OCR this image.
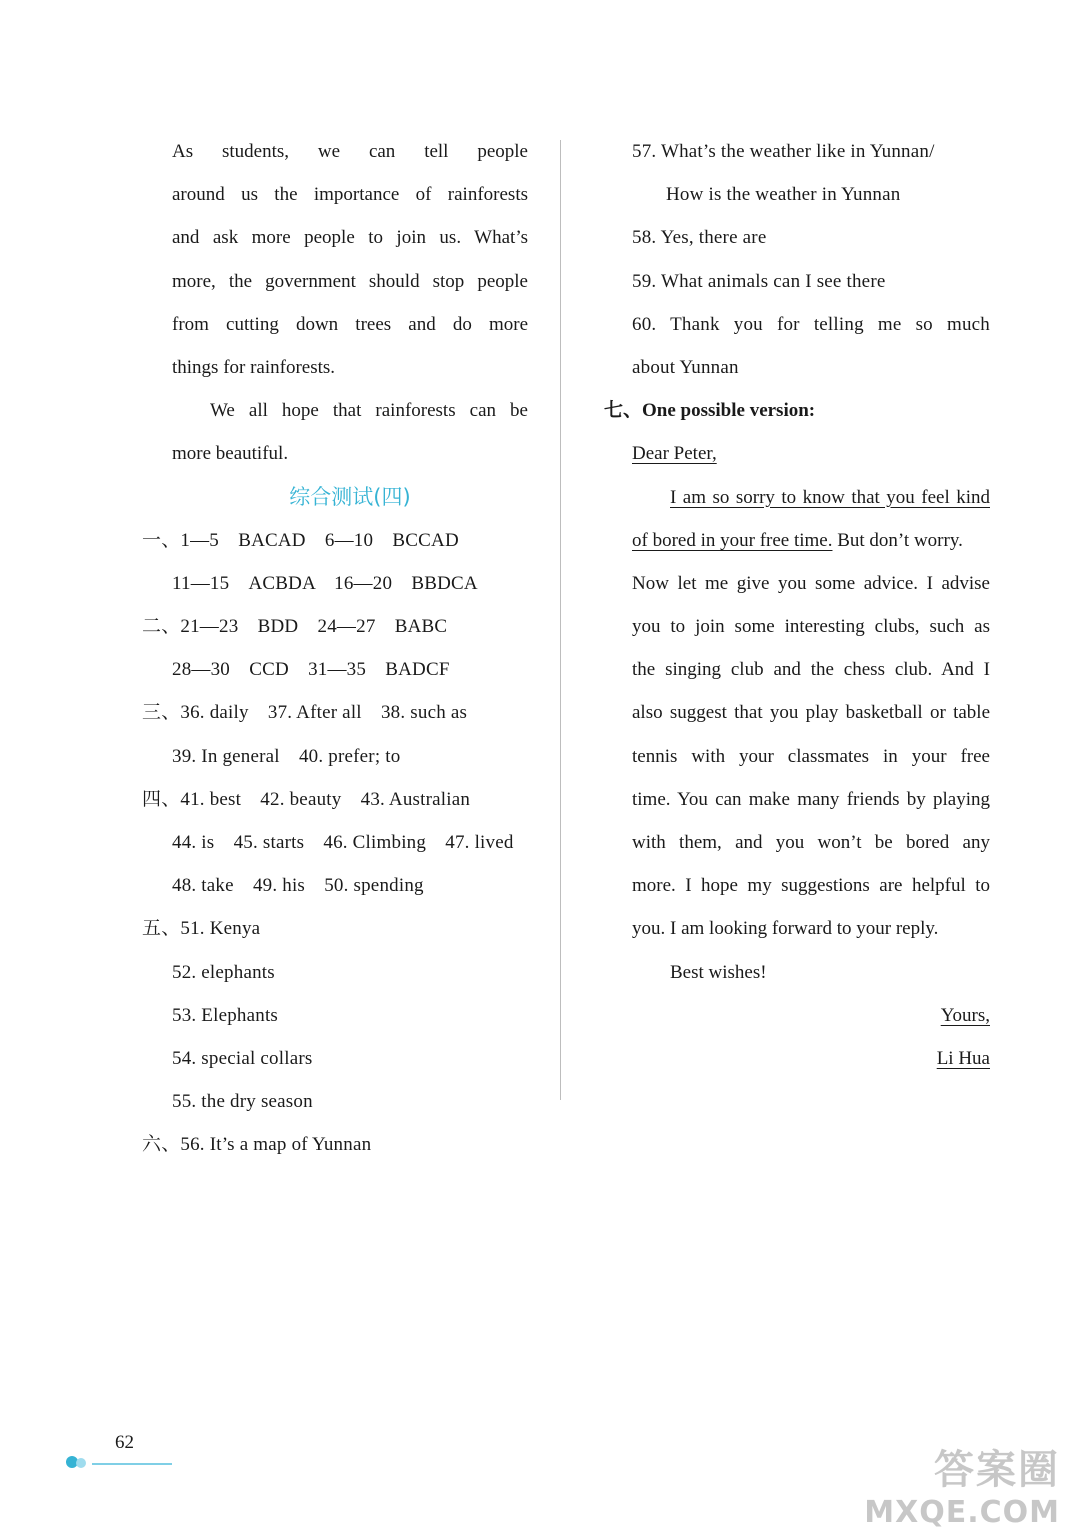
As students, we can tell people
around us the importance of rainforests
and ask more people to join us. What’s
more, the government should stop people
from cutting down trees and do more
things for rainforests.
We all hope that rainforests can be
more beautiful.
综合测试(四)
一、1—5　BACAD　6—10　BCCAD
11—15　ACBDA　16—20　BBDCA
二、21—23　BDD　24—27　BABC
28—30　CCD　31—35　BADCF
三、36. daily　37. After all　38. such as
39. In general　40. prefer; to
四、41. best　42. beauty　43. Australian
44. is　45. starts　46. Climbing　47. lived
48. take　49. his　50. spending
五、51. Kenya
52. elephants
53. Elephants
54. special collars
55. the dry season
六、56. It’s a map of Yunnan
57. What’s the weather like in Yunnan/
How is the weather in Yunnan
58. Yes, there are
59. What animals can I see there
60. Thank you for telling me so much
about Yunnan
七、One possible version:
Dear Peter,
I am so sorry to know that you feel kind
of bored in your free time. But don’t worry.
Now let me give you some advice. I advise
you to join some interesting clubs, such as
the singing club and the chess club. And I
also suggest that you play basketball or table
tennis with your classmates in your free
time. You can make many friends by playing
with them, and you won’t be bored any
more. I hope my suggestions are helpful to
you. I am looking forward to your reply.
Best wishes!
Yours,
Li Hua
62
答案圈
MXQE.COM
